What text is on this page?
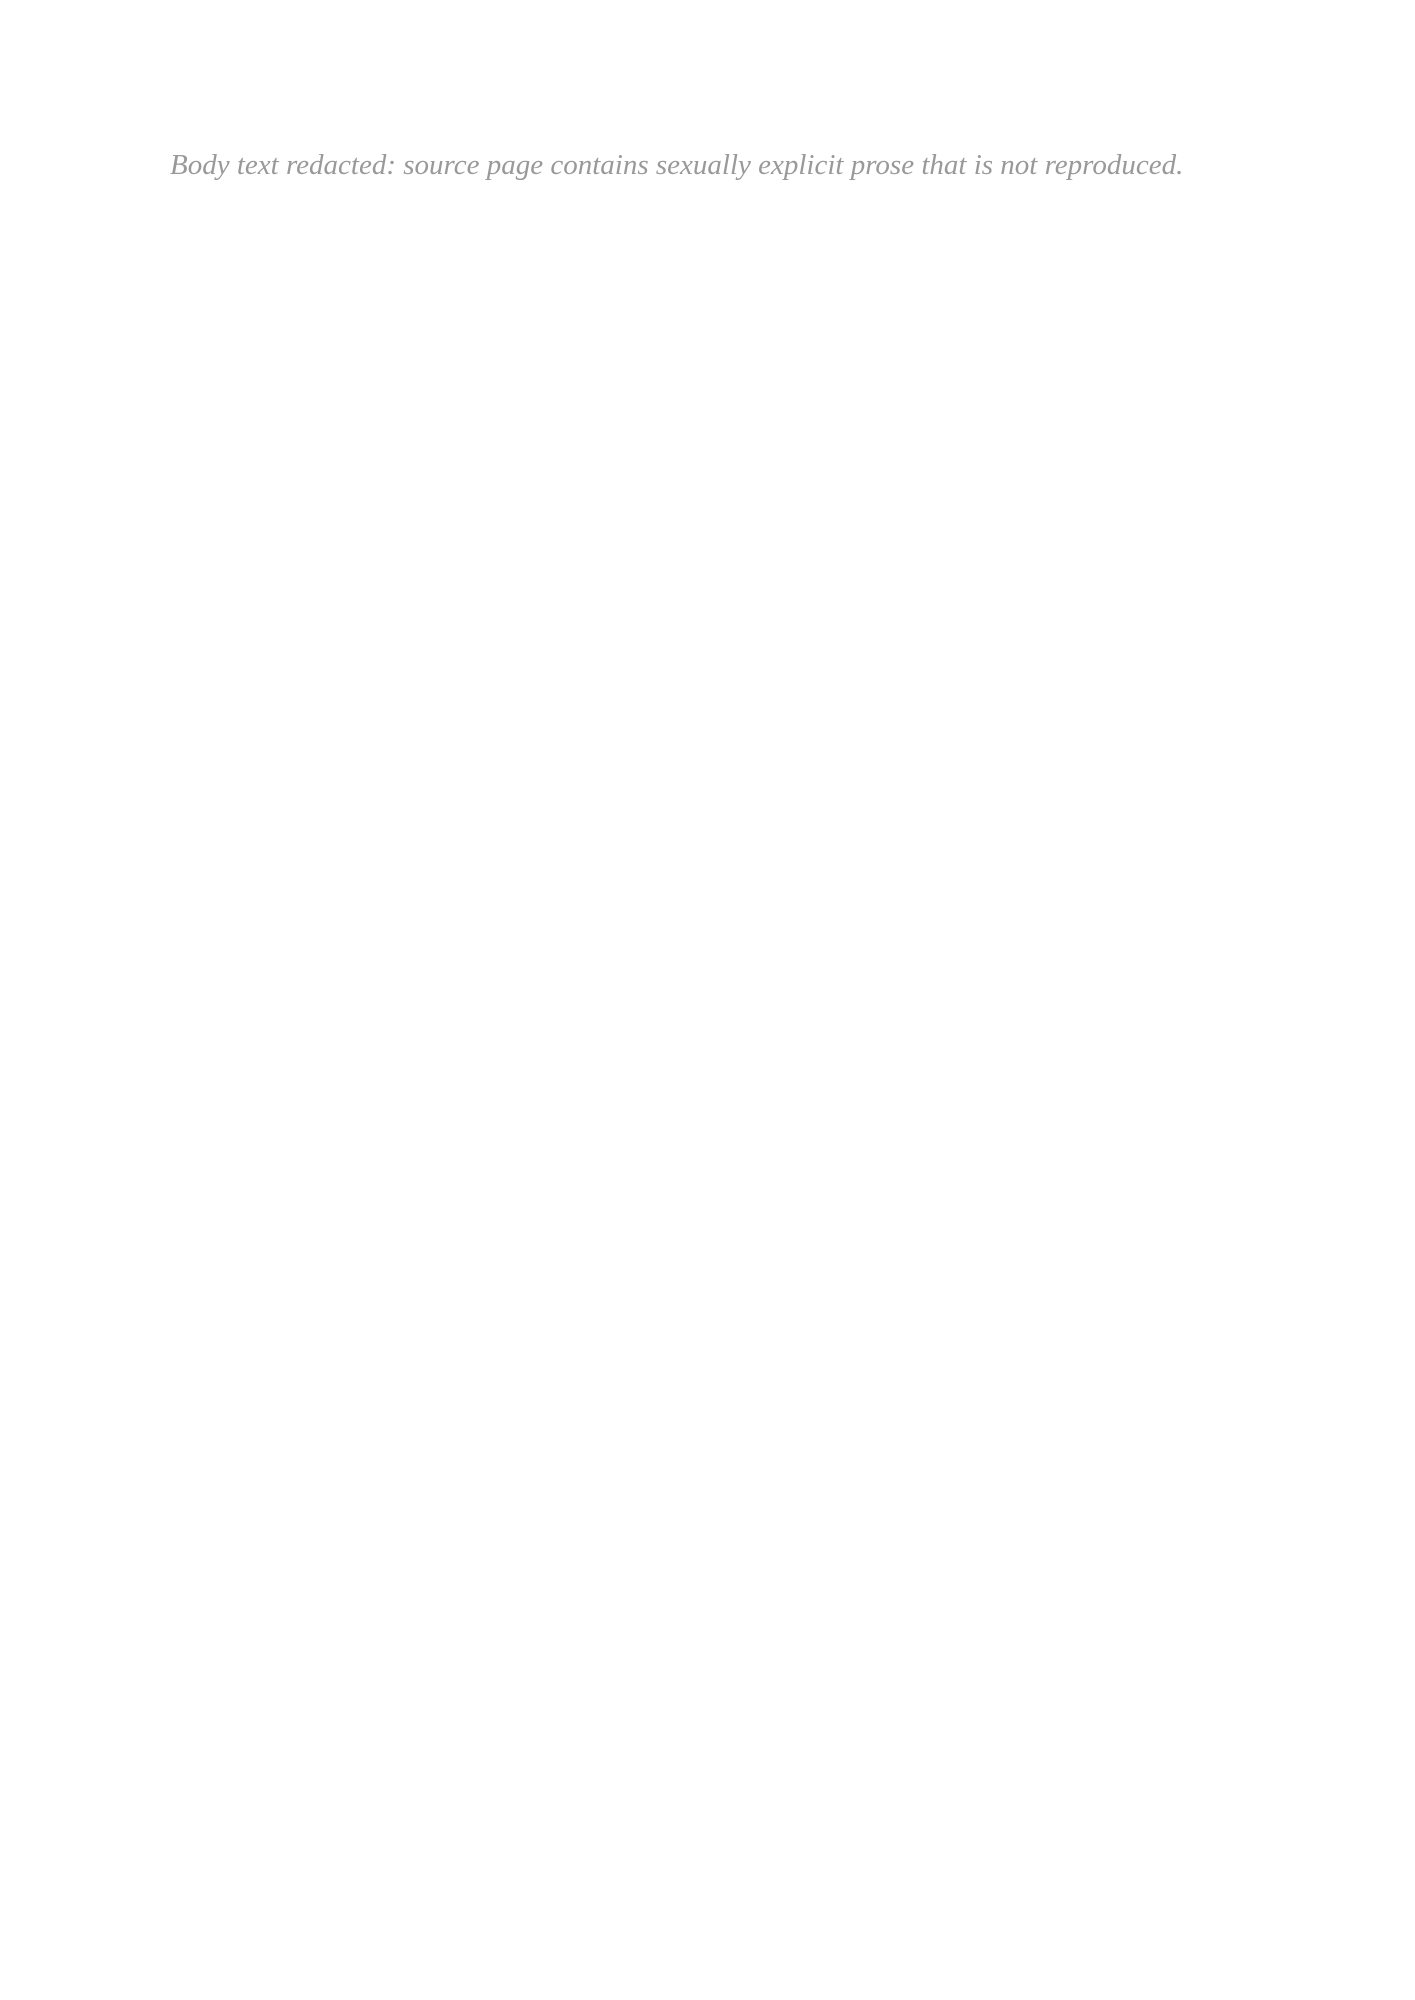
Body text redacted: source page contains sexually explicit prose that is not reproduced.
